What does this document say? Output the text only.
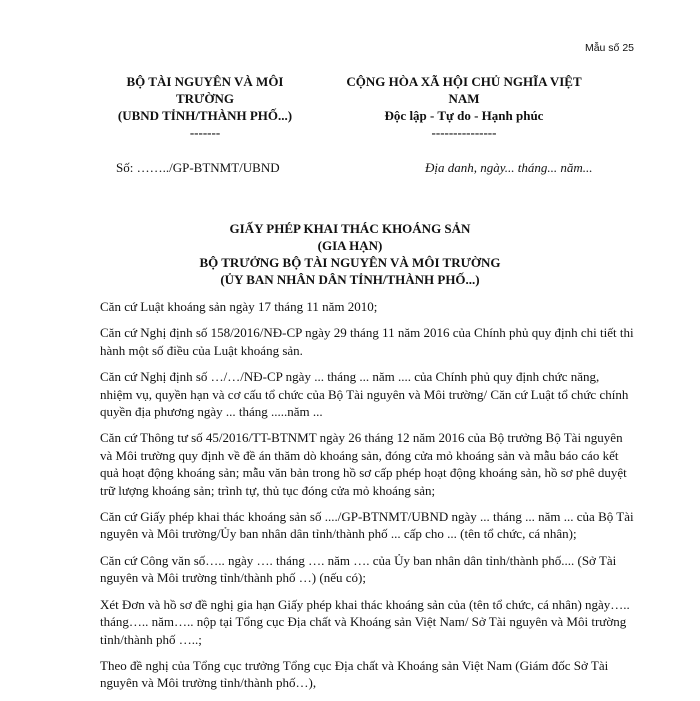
Mẫu số 25
BỘ TÀI NGUYÊN VÀ MÔI
TRƯỜNG
(UBND TỈNH/THÀNH PHỐ...)
-------
CỘNG HÒA XÃ HỘI CHỦ NGHĨA VIỆT
NAM
Độc lập - Tự do - Hạnh phúc
---------------
Số: ……../GP-BTNMT/UBND	Địa danh, ngày... tháng... năm...
GIẤY PHÉP KHAI THÁC KHOÁNG SẢN
(GIA HẠN)
BỘ TRƯỞNG BỘ TÀI NGUYÊN VÀ MÔI TRƯỜNG
(ỦY BAN NHÂN DÂN TỈNH/THÀNH PHỐ...)

Căn cứ Luật khoáng sản ngày 17 tháng 11 năm 2010;

Căn cứ Nghị định số 158/2016/NĐ-CP ngày 29 tháng 11 năm 2016 của Chính phủ quy định chi tiết thi hành một số điều của Luật khoáng sản.

Căn cứ Nghị định số …/…/NĐ-CP ngày ... tháng ... năm .... của Chính phủ quy định chức năng, nhiệm vụ, quyền hạn và cơ cấu tổ chức của Bộ Tài nguyên và Môi trường/ Căn cứ Luật tổ chức chính quyền địa phương ngày ... tháng .....năm ...

Căn cứ Thông tư số 45/2016/TT-BTNMT ngày 26 tháng 12 năm 2016 của Bộ trưởng Bộ Tài nguyên và Môi trường quy định về đề án thăm dò khoáng sản, đóng cửa mỏ khoáng sản và mẫu báo cáo kết quả hoạt động khoáng sản; mẫu văn bản trong hồ sơ cấp phép hoạt động khoáng sản, hồ sơ phê duyệt trữ lượng khoáng sản; trình tự, thủ tục đóng cửa mỏ khoáng sản;

Căn cứ Giấy phép khai thác khoáng sản số ..../GP-BTNMT/UBND ngày ... tháng ... năm ... của Bộ Tài nguyên và Môi trường/Ủy ban nhân dân tỉnh/thành phố ... cấp cho ... (tên tổ chức, cá nhân);

Căn cứ Công văn số….. ngày …. tháng …. năm …. của Ủy ban nhân dân tỉnh/thành phố.... (Sở Tài nguyên và Môi trường tỉnh/thành phố …) (nếu có);

Xét Đơn và hồ sơ đề nghị gia hạn Giấy phép khai thác khoáng sản của (tên tổ chức, cá nhân) ngày….. tháng….. năm….. nộp tại Tổng cục Địa chất và Khoáng sản Việt Nam/ Sở Tài nguyên và Môi trường tỉnh/thành phố …..;

Theo đề nghị của Tổng cục trưởng Tổng cục Địa chất và Khoáng sản Việt Nam (Giám đốc Sở Tài nguyên và Môi trường tỉnh/thành phố…),
